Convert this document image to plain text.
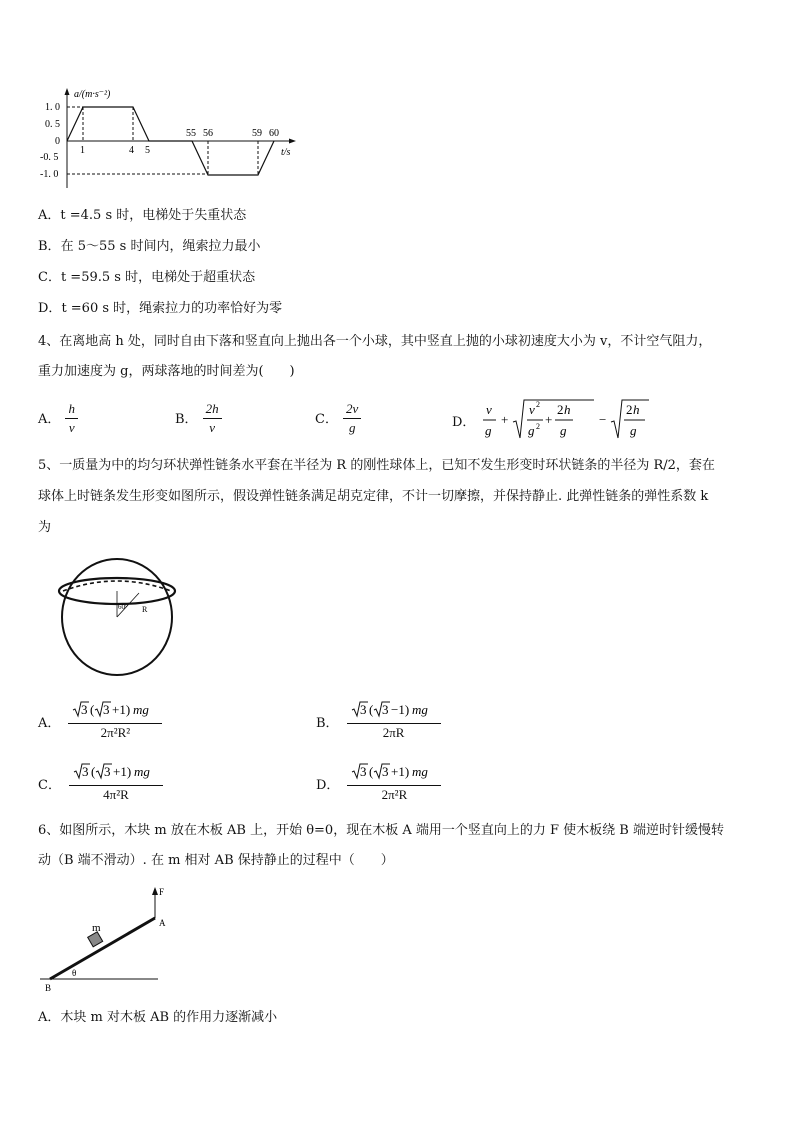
1. 0
0. 5
0
-0. 5
-1. 0
1	4 5
55 56	59 60
a/(m·s⁻²)
t/s
A．t =4.5 s 时，电梯处于失重状态
B．在 5～55 s 时间内，绳索拉力最小
C．t =59.5 s 时，电梯处于超重状态
D．t =60 s 时，绳索拉力的功率恰好为零
4、在离地高 h 处，同时自由下落和竖直向上抛出各一个小球，其中竖直上抛的小球初速度大小为 v，不计空气阻力，
重力加速度为 g，两球落地的时间差为(　　)
A． $\frac{h}{v}$	B． $\frac{2h}{v}$	C． $\frac{2v}{g}$	D．
v
g
+
v 2
g 2 +
2 h
g
−
2 h
g
5、一质量为中的均匀环状弹性链条水平套在半径为 R 的刚性球体上，已知不发生形变时环状链条的半径为 R/2，套在
球体上时链条发生形变如图所示，假设弹性链条满足胡克定律，不计一切摩擦，并保持静止. 此弹性链条的弹性系数 k
为
60° R
A． $\frac{3 ( 3 +1) mg}{\text{2π²R²}}$	B． $\frac{3 ( 3 -1) mg}{2\pi R}$
C． $\frac{3 ( 3 +1) mg}{\text{4π²R}}$	D． $\frac{3 ( 3 +1) mg}{\text{2π²R}}$
6、如图所示，木块 m 放在木板 AB 上，开始 θ=0，现在木板 A 端用一个竖直向上的力 F 使木板绕 B 端逆时针缓慢转
动（B 端不滑动）. 在 m 相对 AB 保持静止的过程中（　　）
F
m	A
B
θ
A．木块 m 对木板 AB 的作用力逐渐减小
